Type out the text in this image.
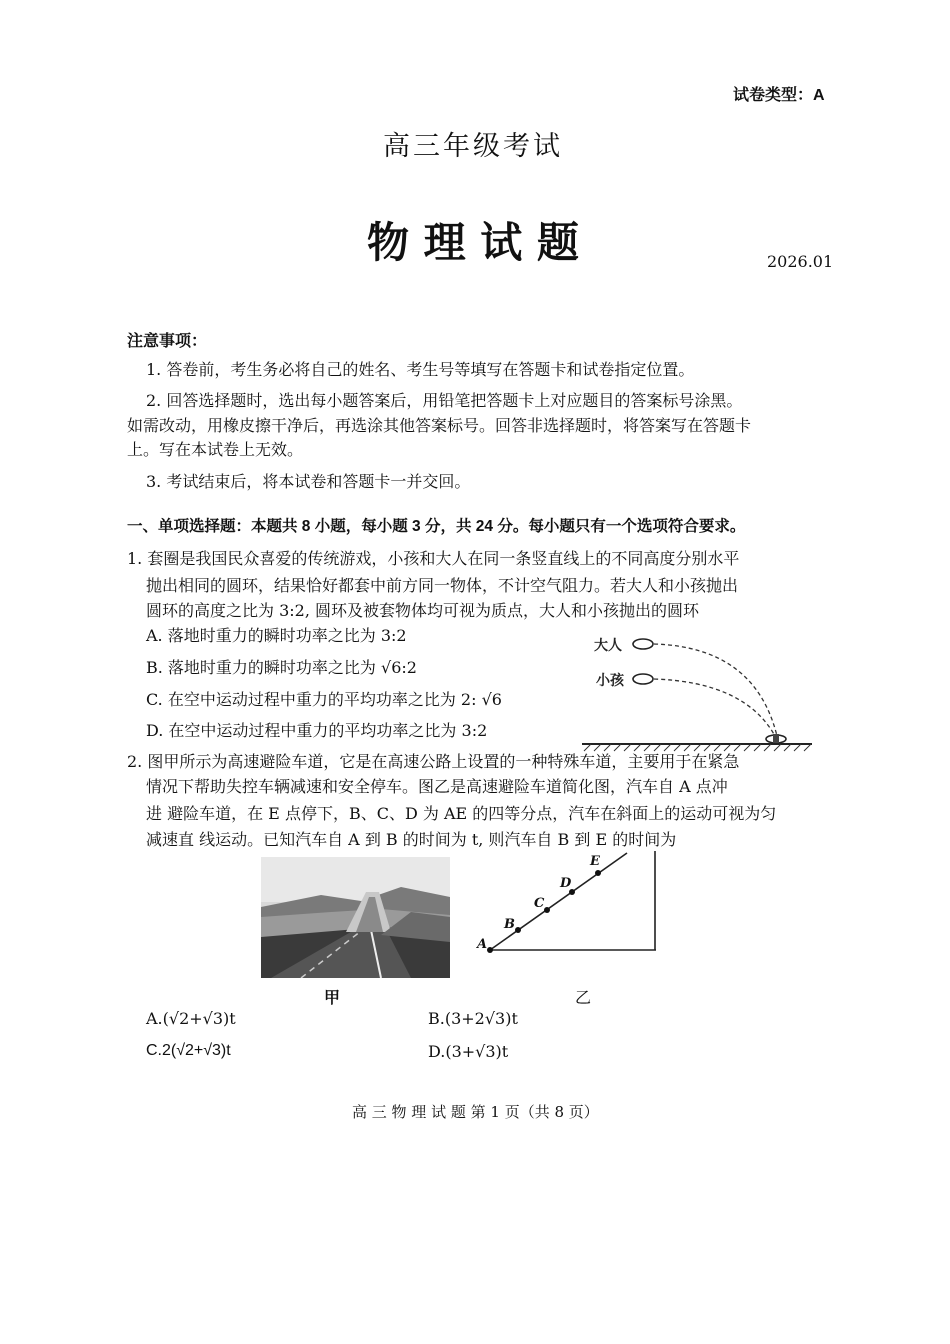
试卷类型：A
高三年级考试
物 理 试 题	2026.01
注意事项：
1. 答卷前，考生务必将自己的姓名、考生号等填写在答题卡和试卷指定位置。
2. 回答选择题时，选出每小题答案后，用铅笔把答题卡上对应题目的答案标号涂黑。
如需改动，用橡皮擦干净后，再选涂其他答案标号。回答非选择题时，将答案写在答题卡
上。写在本试卷上无效。
3. 考试结束后，将本试卷和答题卡一并交回。
一、单项选择题：本题共 8 小题，每小题 3 分，共 24 分。每小题只有一个选项符合要求。
1. 套圈是我国民众喜爱的传统游戏，小孩和大人在同一条竖直线上的不同高度分别水平
抛出相同的圆环，结果恰好都套中前方同一物体，不计空气阻力。若大人和小孩抛出
圆环的高度之比为 3:2, 圆环及被套物体均可视为质点，大人和小孩抛出的圆环
A. 落地时重力的瞬时功率之比为 3:2
B. 落地时重力的瞬时功率之比为 √6:2
C. 在空中运动过程中重力的平均功率之比为 2: √6
D. 在空中运动过程中重力的平均功率之比为 3:2
大人
小孩
2. 图甲所示为高速避险车道，它是在高速公路上设置的一种特殊车道，主要用于在紧急
情况下帮助失控车辆减速和安全停车。图乙是高速避险车道简化图，汽车自 A 点冲
进 避险车道，在 E 点停下，B、C、D 为 AE 的四等分点，汽车在斜面上的运动可视为匀
减速直 线运动。已知汽车自 A 到 B 的时间为 t, 则汽车自 B 到 E 的时间为
甲
A
B
C
D
E
乙
A.(√2+√3)t	B.(3+2√3)t
C.2(√2+√3)t	D.(3+√3)t
高 三 物 理 试 题 第 1 页（共 8 页）
